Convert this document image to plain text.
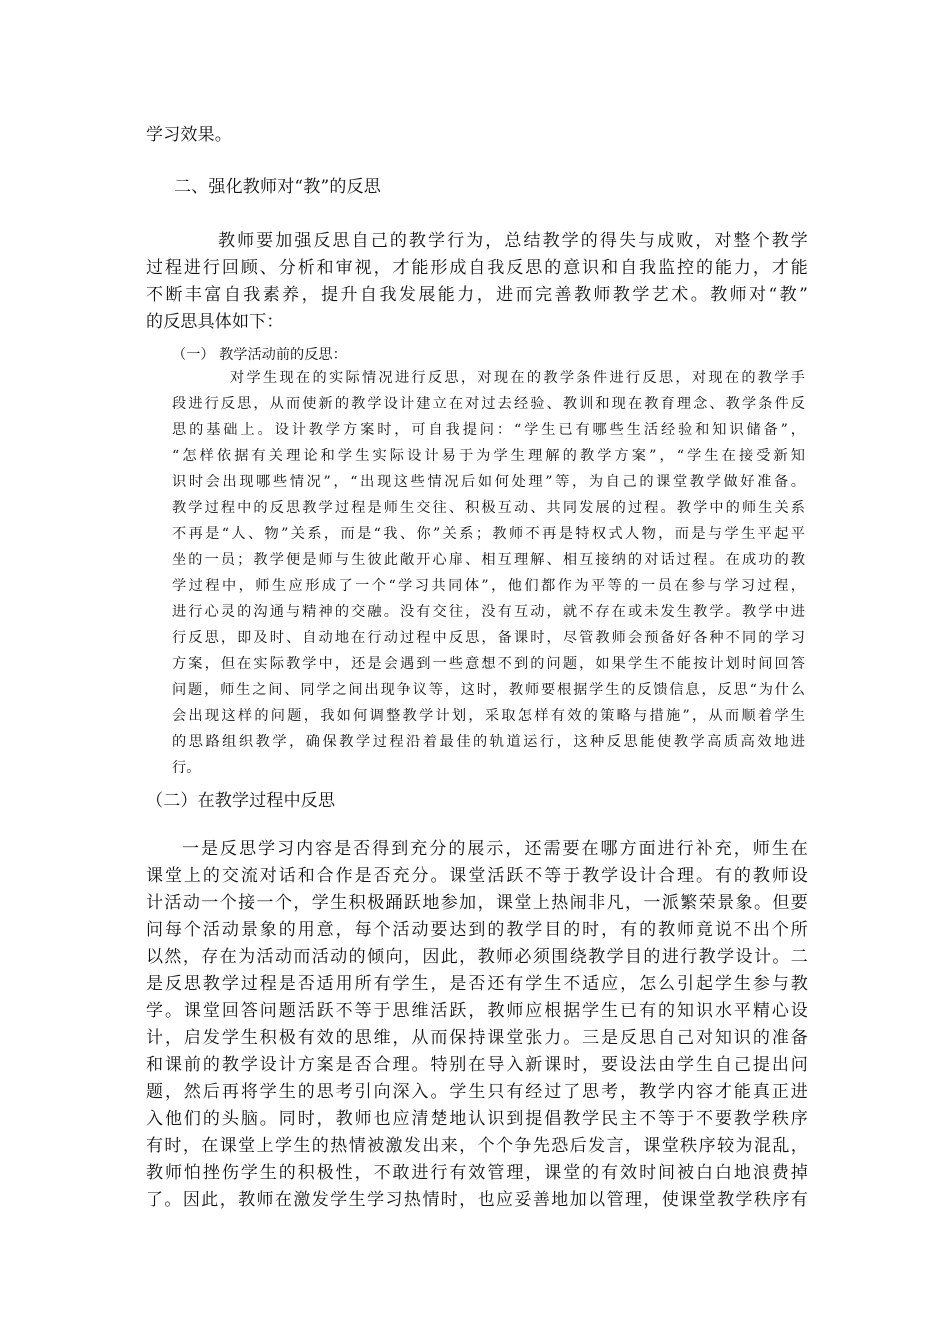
学习效果。
二、强化教师对“教”的反思
教师要加强反思自己的教学行为，总结教学的得失与成败，对整个教学
过程进行回顾、分析和审视，才能形成自我反思的意识和自我监控的能力，才能
不断丰富自我素养，提升自我发展能力，进而完善教师教学艺术。教师对“教”
的反思具体如下：
（一） 教学活动前的反思：
对学生现在的实际情况进行反思，对现在的教学条件进行反思，对现在的教学手
段进行反思，从而使新的教学设计建立在对过去经验、教训和现在教育理念、教学条件反
思的基础上。设计教学方案时，可自我提问：“学生已有哪些生活经验和知识储备”，
“怎样依据有关理论和学生实际设计易于为学生理解的教学方案”，“学生在接受新知
识时会出现哪些情况”，“出现这些情况后如何处理”等，为自己的课堂教学做好准备。
教学过程中的反思教学过程是师生交往、积极互动、共同发展的过程。教学中的师生关系
不再是“人、物”关系，而是“我、你”关系；教师不再是特权式人物，而是与学生平起平
坐的一员；教学便是师与生彼此敞开心扉、相互理解、相互接纳的对话过程。在成功的教
学过程中，师生应形成了一个“学习共同体”，他们都作为平等的一员在参与学习过程，
进行心灵的沟通与精神的交融。没有交往，没有互动，就不存在或未发生教学。教学中进
行反思，即及时、自动地在行动过程中反思，备课时，尽管教师会预备好各种不同的学习
方案，但在实际教学中，还是会遇到一些意想不到的问题，如果学生不能按计划时间回答
问题，师生之间、同学之间出现争议等，这时，教师要根据学生的反馈信息，反思“为什么
会出现这样的问题，我如何调整教学计划，采取怎样有效的策略与措施”，从而顺着学生
的思路组织教学，确保教学过程沿着最佳的轨道运行，这种反思能使教学高质高效地进
行。
（二）在教学过程中反思
一是反思学习内容是否得到充分的展示，还需要在哪方面进行补充，师生在
课堂上的交流对话和合作是否充分。课堂活跃不等于教学设计合理。有的教师设
计活动一个接一个，学生积极踊跃地参加，课堂上热闹非凡，一派繁荣景象。但要
问每个活动景象的用意，每个活动要达到的教学目的时，有的教师竟说不出个所
以然，存在为活动而活动的倾向，因此，教师必须围绕教学目的进行教学设计。二
是反思教学过程是否适用所有学生，是否还有学生不适应，怎么引起学生参与教
学。课堂回答问题活跃不等于思维活跃，教师应根据学生已有的知识水平精心设
计，启发学生积极有效的思维，从而保持课堂张力。三是反思自己对知识的准备
和课前的教学设计方案是否合理。特别在导入新课时，要设法由学生自己提出问
题，然后再将学生的思考引向深入。学生只有经过了思考，教学内容才能真正进
入他们的头脑。同时，教师也应清楚地认识到提倡教学民主不等于不要教学秩序
有时，在课堂上学生的热情被激发出来，个个争先恐后发言，课堂秩序较为混乱，
教师怕挫伤学生的积极性，不敢进行有效管理，课堂的有效时间被白白地浪费掉
了。因此，教师在激发学生学习热情时，也应妥善地加以管理，使课堂教学秩序有
